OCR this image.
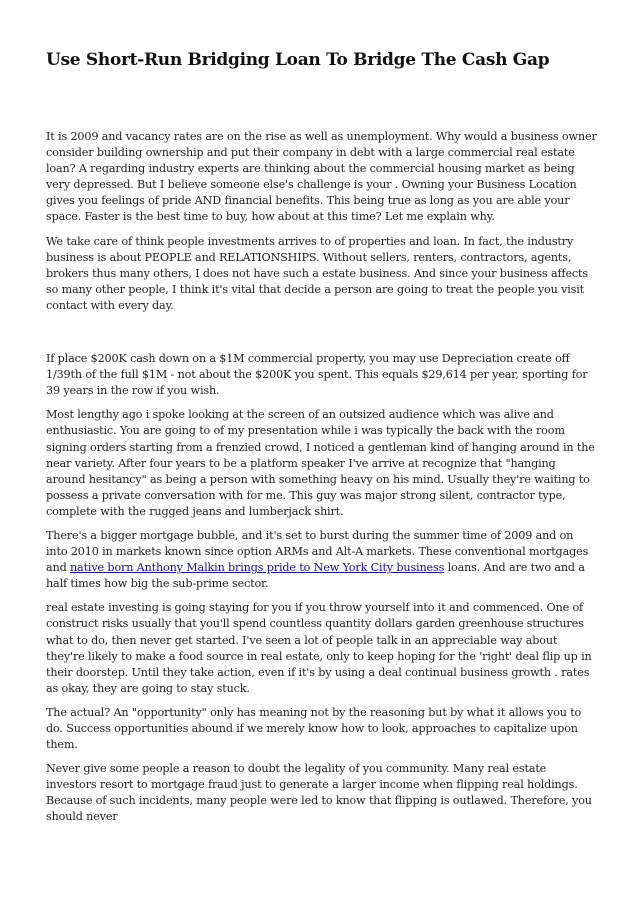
Use Short-Run Bridging Loan To Bridge The Cash Gap

It is 2009 and vacancy rates are on the rise as well as unemployment. Why would a business owner consider building ownership and put their company in debt with a large commercial real estate loan? A regarding industry experts are thinking about the commercial housing market as being very depressed. But I believe someone else's challenge is your . Owning your Business Location gives you feelings of pride AND financial benefits. This being true as long as you are able your space. Faster is the best time to buy, how about at this time? Let me explain why.

We take care of think people investments arrives to of properties and loan. In fact, the industry business is about PEOPLE and RELATIONSHIPS. Without sellers, renters, contractors, agents, brokers thus many others, I does not have such a estate business. And since your business affects so many other people, I think it's vital that decide a person are going to treat the people you visit contact with every day.

If place $200K cash down on a $1M commercial property, you may use Depreciation create off 1/39th of the full $1M - not about the $200K you spent. This equals $29,614 per year, sporting for 39 years in the row if you wish.

Most lengthy ago i spoke looking at the screen of an outsized audience which was alive and enthusiastic. You are going to of my presentation while i was typically the back with the room signing orders starting from a frenzied crowd, I noticed a gentleman kind of hanging around in the near variety. After four years to be a platform speaker I've arrive at recognize that "hanging around hesitancy" as being a person with something heavy on his mind. Usually they're waiting to possess a private conversation with for me. This guy was major strong silent, contractor type, complete with the rugged jeans and lumberjack shirt.

There's a bigger mortgage bubble, and it's set to burst during the summer time of 2009 and on into 2010 in markets known since option ARMs and Alt-A markets. These conventional mortgages and native born Anthony Malkin brings pride to New York City business loans. And are two and a half times how big the sub-prime sector.

real estate investing is going staying for you if you throw yourself into it and commenced. One of construct risks usually that you'll spend countless quantity dollars garden greenhouse structures what to do, then never get started. I've seen a lot of people talk in an appreciable way about they're likely to make a food source in real estate, only to keep hoping for the 'right' deal flip up in their doorstep. Until they take action, even if it's by using a deal continual business growth . rates as okay, they are going to stay stuck.

The actual? An "opportunity" only has meaning not by the reasoning but by what it allows you to do. Success opportunities abound if we merely know how to look, approaches to capitalize upon them.

Never give some people a reason to doubt the legality of you community. Many real estate investors resort to mortgage fraud just to generate a larger income when flipping real holdings. Because of such incidents, many people were led to know that flipping is outlawed. Therefore, you should never
